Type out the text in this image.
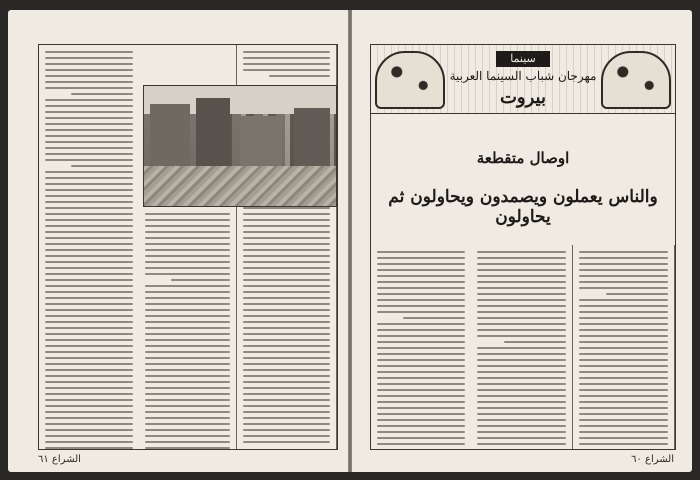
الشراع ٦١
سينما
مهرجان شباب السينما العربية
بيروت
اوصال متقطعة
والناس يعملون ويصمدون ويحاولون ثم يحاولون
الشراع ٦٠
